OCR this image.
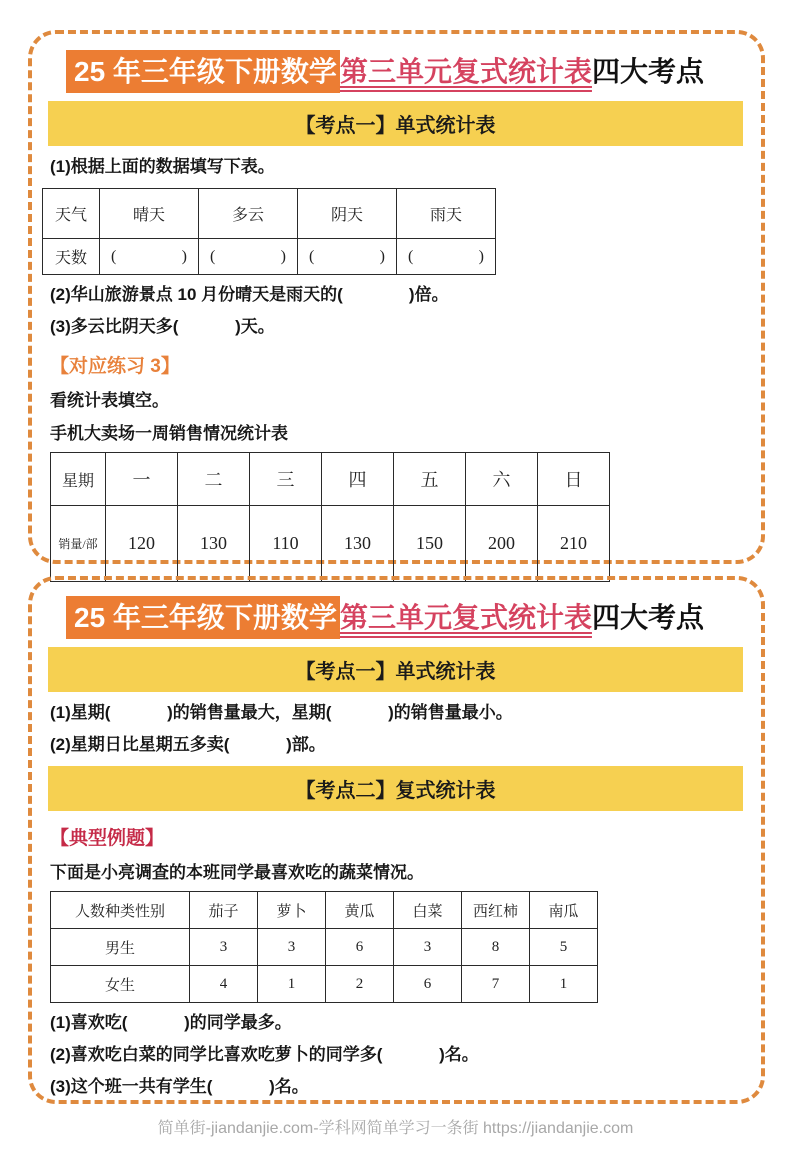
25 年三年级下册数学 第三单元复式统计表四大考点
【考点一】单式统计表
(1)根据上面的数据填写下表。
天气	晴天	多云	阴天	雨天
天数	( )	( )	( )	( )
(2)华山旅游景点 10 月份晴天是雨天的(              )倍。
(3)多云比阴天多(            )天。
【对应练习 3】
看统计表填空。
手机大卖场一周销售情况统计表
星期	一	二	三	四	五	六	日
销量/部	120	130	110	130	150	200	210
25 年三年级下册数学 第三单元复式统计表四大考点
【考点一】单式统计表
(1)星期(            )的销售量最大，星期(            )的销售量最小。
(2)星期日比星期五多卖(            )部。
【考点二】复式统计表
【典型例题】
下面是小亮调查的本班同学最喜欢吃的蔬菜情况。
人数种类性别	茄子	萝卜	黄瓜	白菜	西红柿	南瓜
男生	3	3	6	3	8	5
女生	4	1	2	6	7	1
(1)喜欢吃(            )的同学最多。
(2)喜欢吃白菜的同学比喜欢吃萝卜的同学多(            )名。
(3)这个班一共有学生(            )名。
简单街-jiandanjie.com-学科网简单学习一条街 https://jiandanjie.com
